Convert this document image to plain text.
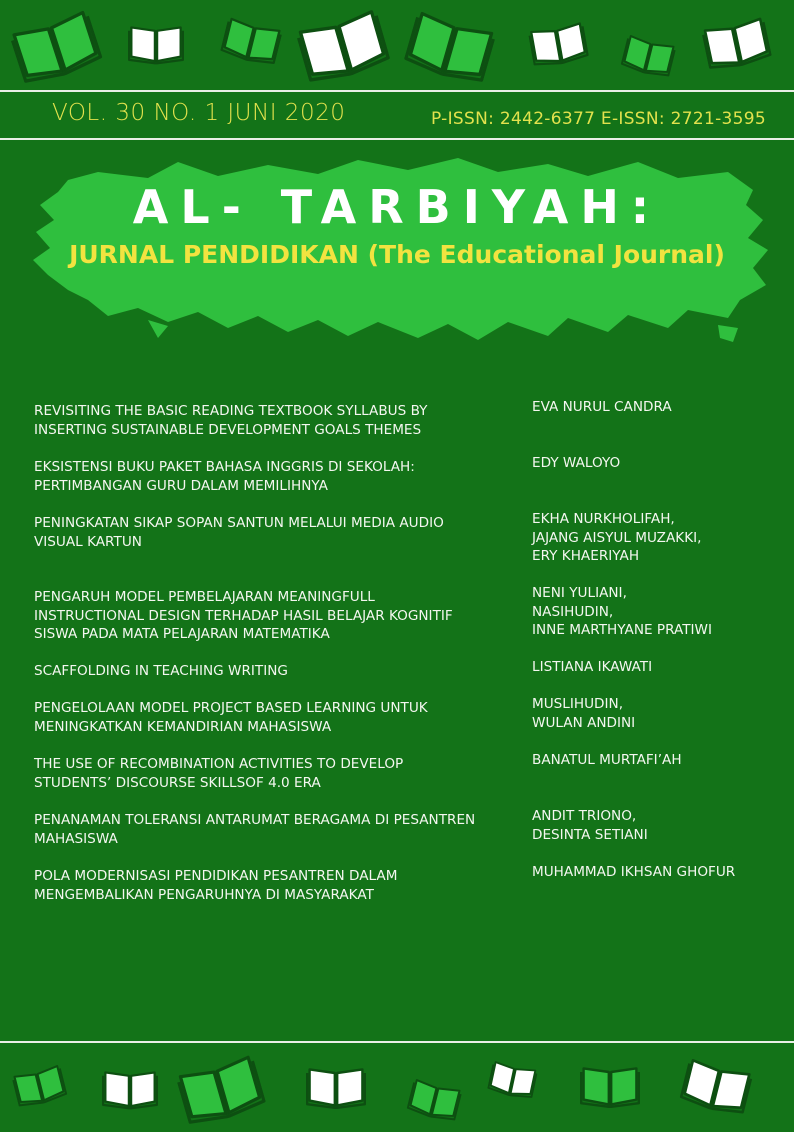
VOL. 30 NO. 1 JUNI 2020	P-ISSN: 2442-6377 E-ISSN: 2721-3595
AL- TARBIYAH:
JURNAL PENDIDIKAN (The Educational Journal)
REVISITING THE BASIC READING TEXTBOOK SYLLABUS BY
INSERTING SUSTAINABLE DEVELOPMENT GOALS THEMES
EVA NURUL CANDRA
EKSISTENSI BUKU PAKET BAHASA INGGRIS DI SEKOLAH:
PERTIMBANGAN GURU DALAM MEMILIHNYA
EDY WALOYO
PENINGKATAN SIKAP SOPAN SANTUN MELALUI MEDIA AUDIO
VISUAL KARTUN
EKHA NURKHOLIFAH,
JAJANG AISYUL MUZAKKI,
ERY KHAERIYAH
PENGARUH MODEL PEMBELAJARAN MEANINGFULL
INSTRUCTIONAL DESIGN TERHADAP HASIL BELAJAR KOGNITIF
SISWA PADA MATA PELAJARAN MATEMATIKA
NENI YULIANI,
NASIHUDIN,
INNE MARTHYANE PRATIWI
SCAFFOLDING IN TEACHING WRITING	LISTIANA IKAWATI
PENGELOLAAN MODEL PROJECT BASED LEARNING UNTUK
MENINGKATKAN KEMANDIRIAN MAHASISWA
MUSLIHUDIN,
WULAN ANDINI
THE USE OF RECOMBINATION ACTIVITIES TO DEVELOP
STUDENTS’ DISCOURSE SKILLSOF 4.0 ERA
BANATUL MURTAFI’AH
PENANAMAN TOLERANSI ANTARUMAT BERAGAMA DI PESANTREN
MAHASISWA
ANDIT TRIONO,
DESINTA SETIANI
POLA MODERNISASI PENDIDIKAN PESANTREN DALAM
MENGEMBALIKAN PENGARUHNYA DI MASYARAKAT
MUHAMMAD IKHSAN GHOFUR
